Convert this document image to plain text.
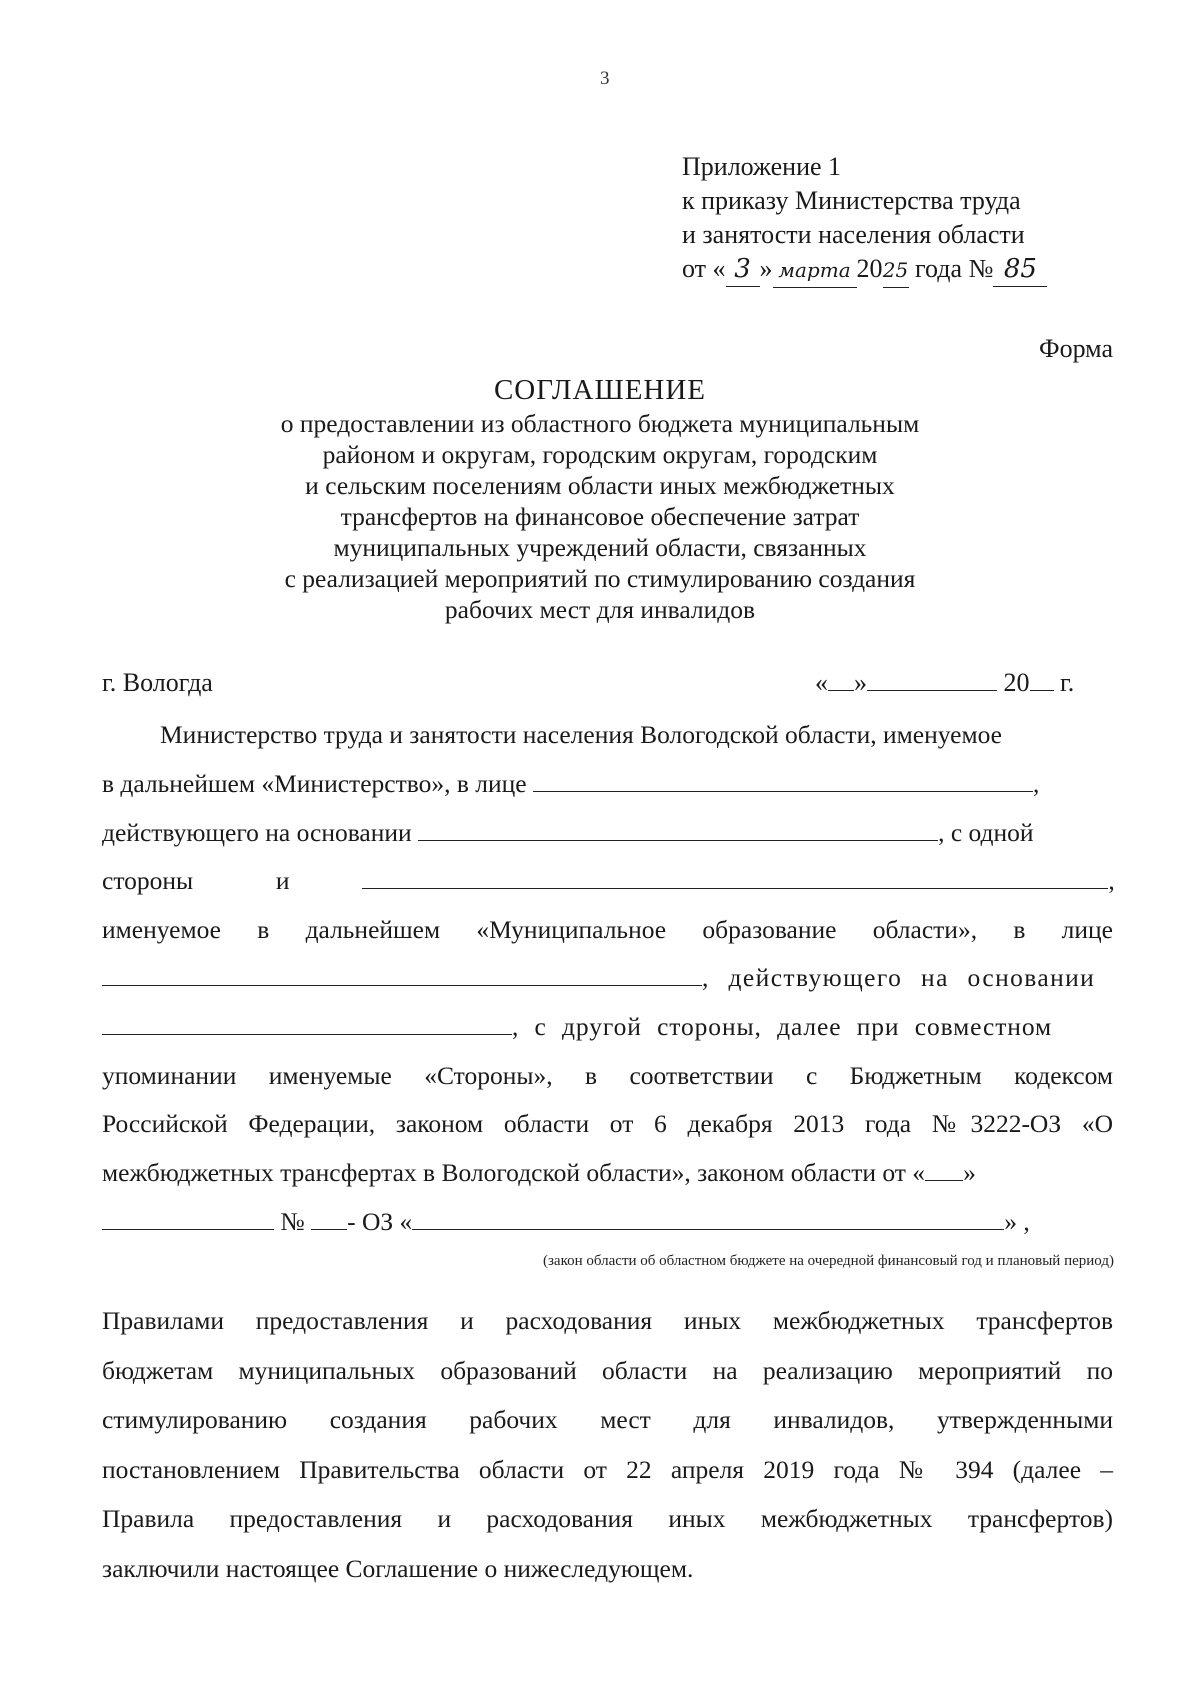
3
Приложение 1
к приказу Министерства труда
и занятости населения области
от « 3 » марта 2025 года № 85
Форма
СОГЛАШЕНИЕ
о предоставлении из областного бюджета муниципальным
районом и округам, городским округам, городским
и сельским поселениям области иных межбюджетных
трансфертов на финансовое обеспечение затрат
муниципальных учреждений области, связанных
с реализацией мероприятий по стимулированию создания
рабочих мест для инвалидов
г. Вологда	« »	20 г.
Министерство труда и занятости населения Вологодской области, именуемое
в дальнейшем «Министерство», в лице	,
действующего на основании	, с одной
стороны	и	,
именуемое в дальнейшем «Муниципальное образование области», в лице
, действующего на основании
, с другой стороны, далее при совместном
упоминании именуемые «Стороны», в соответствии с Бюджетным кодексом
Российской Федерации, законом области от 6 декабря 2013 года №3222-ОЗ «О
межбюджетных трансфертах в Вологодской области», законом области от « »
№ - ОЗ «	» ,
(закон области об областном бюджете на очередной финансовый год и плановый период)
Правилами предоставления и расходования иных межбюджетных трансфертов
бюджетам муниципальных образований области на реализацию мероприятий по
стимулированию создания рабочих мест для инвалидов, утвержденными
постановлением Правительства области от 22 апреля 2019 года № 394 (далее –
Правила предоставления и расходования иных межбюджетных трансфертов)
заключили настоящее Соглашение о нижеследующем.
